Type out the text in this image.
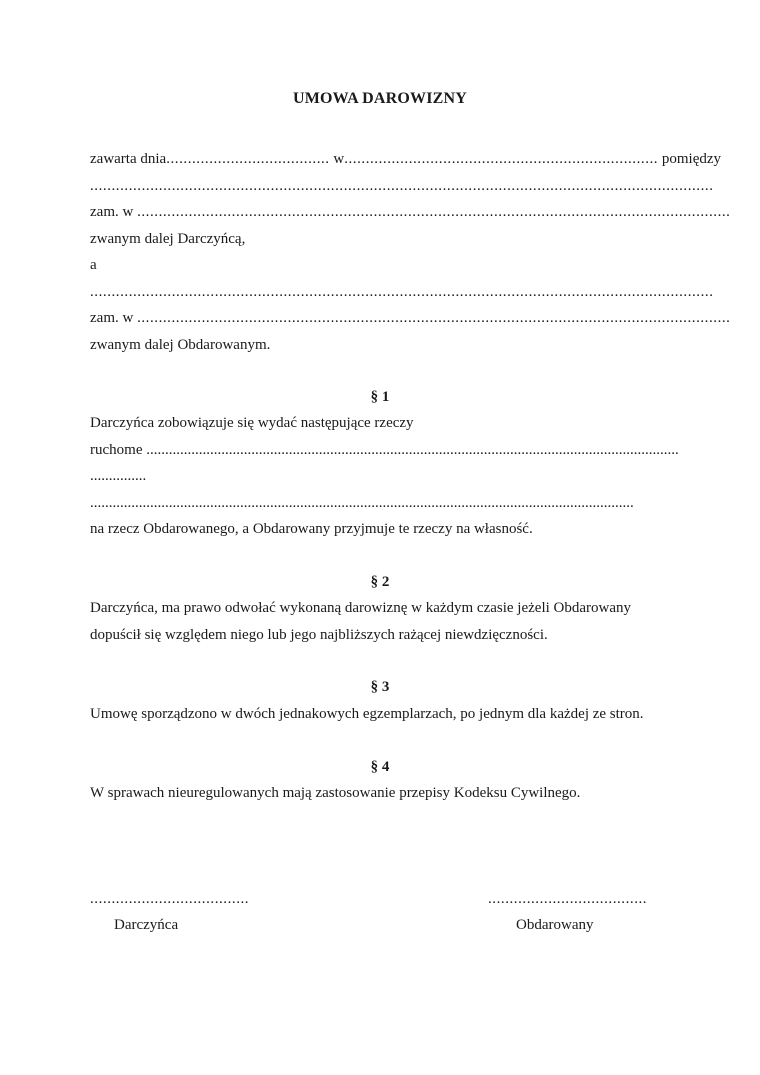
UMOWA DAROWIZNY
zawarta dnia...................................... w......................................................................... pomiędzy
.................................................................................................................................................
zam. w ..........................................................................................................................................
zwanym dalej Darczyńcą,
a
.................................................................................................................................................
zam. w ..........................................................................................................................................
zwanym dalej Obdarowanym.
§ 1
Darczyńca zobowiązuje się wydać następujące rzeczy
ruchome ..............................................................................................................................................
...............
.................................................................................................................................................
na rzecz Obdarowanego, a Obdarowany przyjmuje te rzeczy na własność.
§ 2
Darczyńca, ma prawo odwołać wykonaną darowiznę w każdym czasie jeżeli Obdarowany
dopuścił się względem niego lub jego najbliższych rażącej niewdzięczności.
§ 3
Umowę sporządzono w dwóch jednakowych egzemplarzach, po jednym dla każdej ze stron.
§ 4
W sprawach nieuregulowanych mają zastosowanie przepisy Kodeksu Cywilnego.
.....................................	.....................................
Darczyńca	Obdarowany
